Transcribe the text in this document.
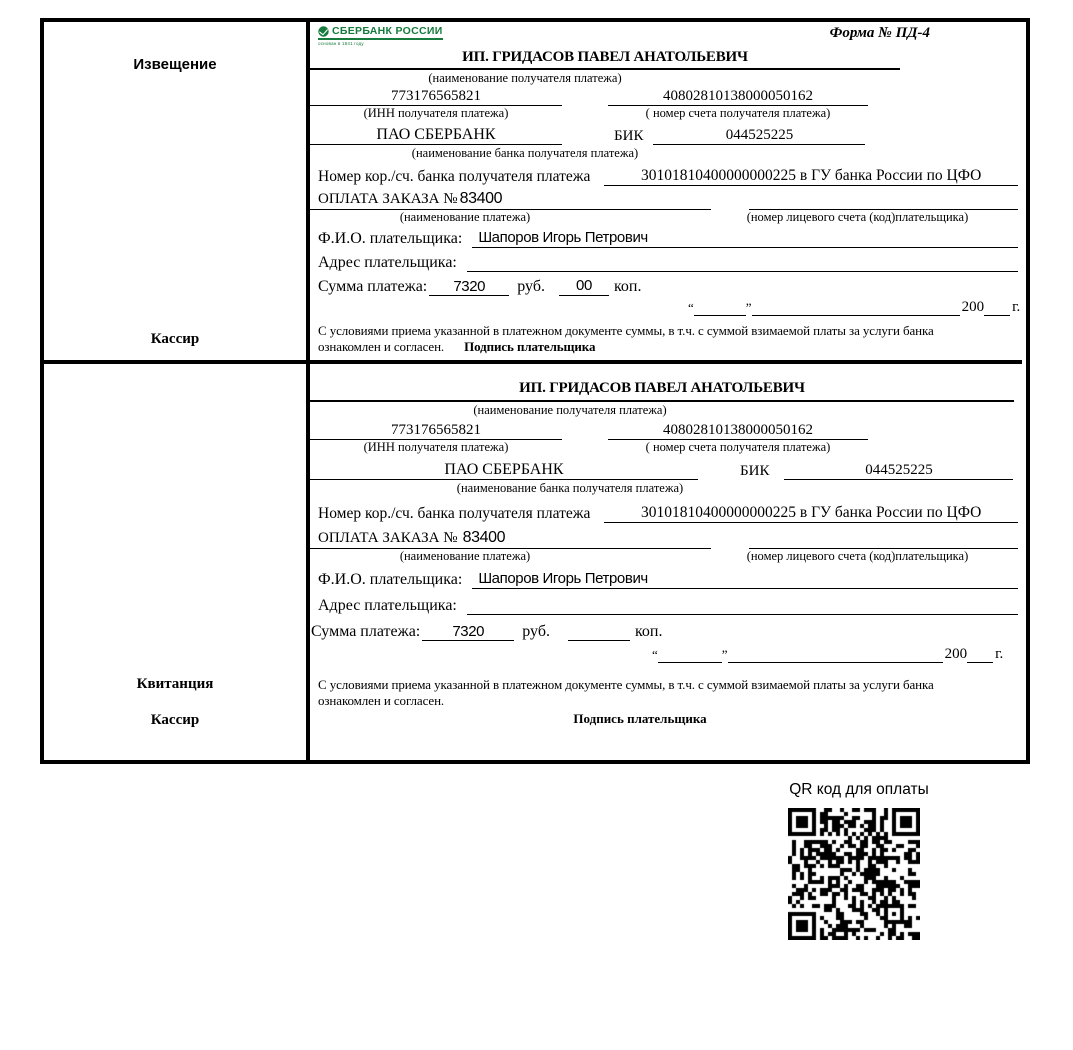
Извещение
Кассир
СБЕРБАНК РОССИИ
основан в 1841 году
Форма № ПД-4
ИП. ГРИДАСОВ ПАВЕЛ АНАТОЛЬЕВИЧ
(наименование получателя платежа)
773176565821	40802810138000050162
(ИНН получателя платежа)	( номер счета получателя платежа)
ПАО СБЕРБАНК	БИК	044525225
(наименование банка получателя платежа)
Номер кор./сч. банка получателя платежа	30101810400000000225 в ГУ банка России по ЦФО
ОПЛАТА ЗАКАЗА № 83400
(наименование платежа)	(номер лицевого счета (код)плательщика)
Ф.И.О. плательщика:	Шапоров Игорь Петрович
Адрес плательщика:
Сумма платежа:	7320	руб.	00	коп.
“	”	200 г.
С условиями приема указанной в платежном документе суммы, в т.ч. с суммой взимаемой платы за услуги банка
ознакомлен и согласен. Подпись плательщика
Квитанция
Кассир
ИП. ГРИДАСОВ ПАВЕЛ АНАТОЛЬЕВИЧ
(наименование получателя платежа)
773176565821	40802810138000050162
(ИНН получателя платежа)	( номер счета получателя платежа)
ПАО СБЕРБАНК	БИК	044525225
(наименование банка получателя платежа)
Номер кор./сч. банка получателя платежа	30101810400000000225 в ГУ банка России по ЦФО
ОПЛАТА ЗАКАЗА № 83400
(наименование платежа)	(номер лицевого счета (код)плательщика)
Ф.И.О. плательщика:	Шапоров Игорь Петрович
Адрес плательщика:
Сумма платежа:	7320	руб.	коп.
“	”	200 г.
С условиями приема указанной в платежном документе суммы, в т.ч. с суммой взимаемой платы за услуги банка
ознакомлен и согласен.
Подпись плательщика
QR код для оплаты
